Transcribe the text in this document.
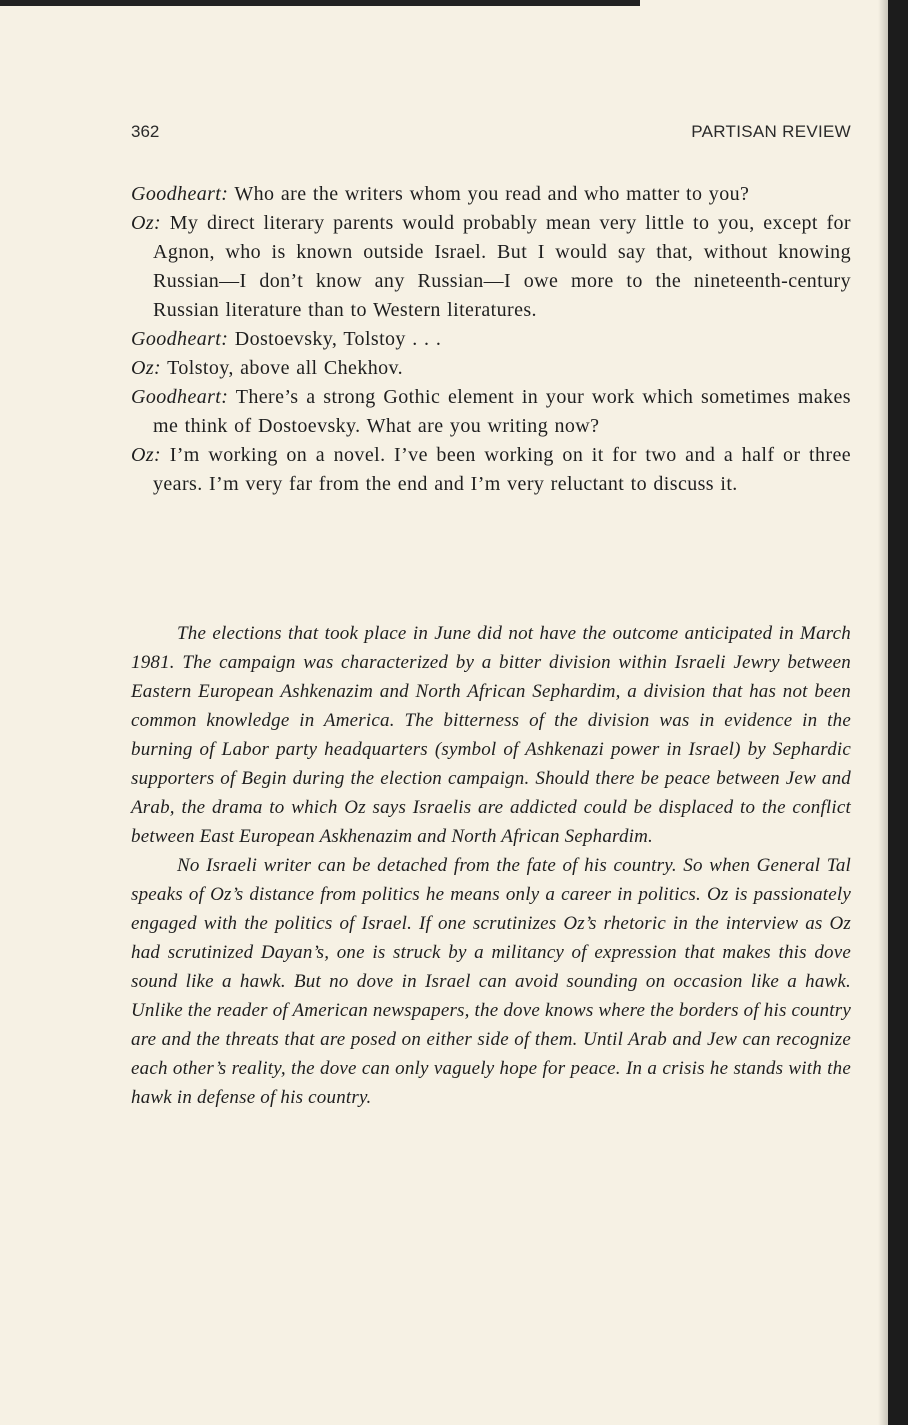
362	PARTISAN REVIEW
Goodheart: Who are the writers whom you read and who matter to you?
Oz: My direct literary parents would probably mean very little to you, except for Agnon, who is known outside Israel. But I would say that, without knowing Russian—I don’t know any Russian—I owe more to the nineteenth-century Russian literature than to Western literatures.
Goodheart: Dostoevsky, Tolstoy . . .
Oz: Tolstoy, above all Chekhov.
Goodheart: There’s a strong Gothic element in your work which sometimes makes me think of Dostoevsky. What are you writing now?
Oz: I’m working on a novel. I’ve been working on it for two and a half or three years. I’m very far from the end and I’m very reluctant to discuss it.

The elections that took place in June did not have the outcome anticipated in March 1981. The campaign was characterized by a bitter division within Israeli Jewry between Eastern European Ashkenazim and North African Sephardim, a division that has not been common knowledge in America. The bitterness of the division was in evidence in the burning of Labor party headquarters (symbol of Ashkenazi power in Israel) by Sephardic supporters of Begin during the election campaign. Should there be peace between Jew and Arab, the drama to which Oz says Israelis are addicted could be displaced to the conflict between East European Askhenazim and North African Sephardim.

No Israeli writer can be detached from the fate of his country. So when General Tal speaks of Oz’s distance from politics he means only a career in politics. Oz is passionately engaged with the politics of Israel. If one scrutinizes Oz’s rhetoric in the interview as Oz had scrutinized Dayan’s, one is struck by a militancy of expression that makes this dove sound like a hawk. But no dove in Israel can avoid sounding on occasion like a hawk. Unlike the reader of American newspapers, the dove knows where the borders of his country are and the threats that are posed on either side of them. Until Arab and Jew can recognize each other’s reality, the dove can only vaguely hope for peace. In a crisis he stands with the hawk in defense of his country.
